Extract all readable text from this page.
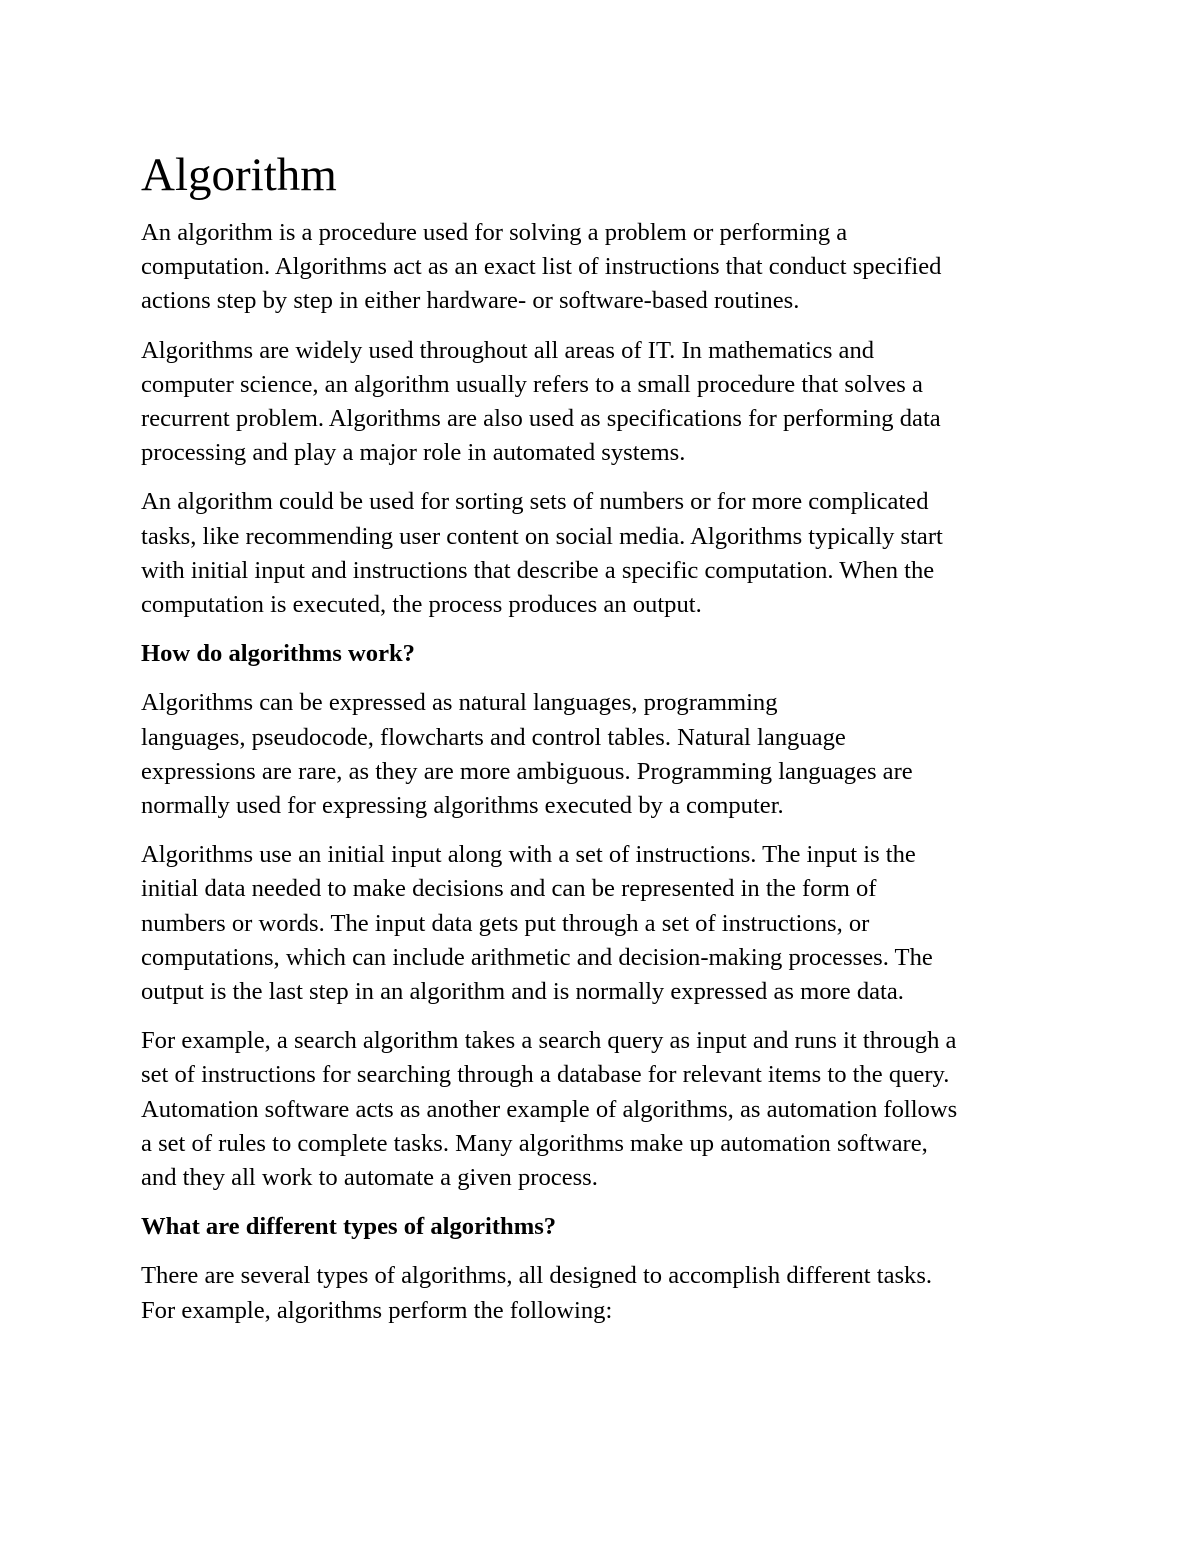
Algorithm

An algorithm is a procedure used for solving a problem or performing a
computation. Algorithms act as an exact list of instructions that conduct specified
actions step by step in either hardware- or software-based routines.

Algorithms are widely used throughout all areas of IT. In mathematics and
computer science, an algorithm usually refers to a small procedure that solves a
recurrent problem. Algorithms are also used as specifications for performing data
processing and play a major role in automated systems.

An algorithm could be used for sorting sets of numbers or for more complicated
tasks, like recommending user content on social media. Algorithms typically start
with initial input and instructions that describe a specific computation. When the
computation is executed, the process produces an output.

How do algorithms work?

Algorithms can be expressed as natural languages, programming
languages, pseudocode, flowcharts and control tables. Natural language
expressions are rare, as they are more ambiguous. Programming languages are
normally used for expressing algorithms executed by a computer.

Algorithms use an initial input along with a set of instructions. The input is the
initial data needed to make decisions and can be represented in the form of
numbers or words. The input data gets put through a set of instructions, or
computations, which can include arithmetic and decision-making processes. The
output is the last step in an algorithm and is normally expressed as more data.

For example, a search algorithm takes a search query as input and runs it through a
set of instructions for searching through a database for relevant items to the query.
Automation software acts as another example of algorithms, as automation follows
a set of rules to complete tasks. Many algorithms make up automation software,
and they all work to automate a given process.

What are different types of algorithms?

There are several types of algorithms, all designed to accomplish different tasks.
For example, algorithms perform the following:
